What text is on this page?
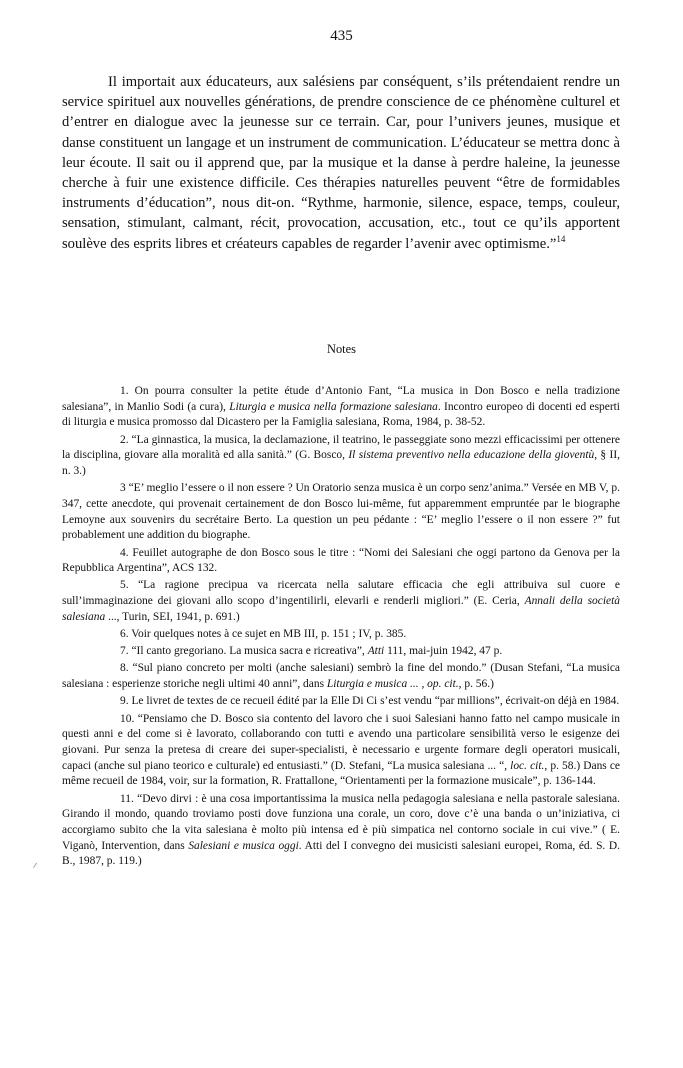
435

Il importait aux éducateurs, aux salésiens par conséquent, s’ils prétendaient rendre un service spirituel aux nouvelles générations, de prendre conscience de ce phénomène culturel et d’entrer en dialogue avec la jeunesse sur ce terrain. Car, pour l’univers jeunes, musique et danse constituent un langage et un instrument de communication. L’éducateur se mettra donc à leur écoute. Il sait ou il apprend que, par la musique et la danse à perdre haleine, la jeunesse cherche à fuir une existence difficile. Ces thérapies naturelles peuvent “être de formidables instruments d’éducation”, nous dit-on. “Rythme, harmonie, silence, espace, temps, couleur, sensation, stimulant, calmant, récit, provocation, accusation, etc., tout ce qu’ils apportent soulève des esprits libres et créateurs capables de regarder l’avenir avec optimisme.”$^{14}$

Notes

1. On pourra consulter la petite étude d’Antonio Fant, “La musica in Don Bosco e nella tradizione salesiana”, in Manlio Sodi (a cura), Liturgia e musica nella formazione salesiana. Incontro europeo di docenti ed esperti di liturgia e musica promosso dal Dicastero per la Famiglia salesiana, Roma, 1984, p. 38-52.

2. “La ginnastica, la musica, la declamazione, il teatrino, le passeggiate sono mezzi efficacissimi per ottenere la disciplina, giovare alla moralità ed alla sanità.” (G. Bosco, Il sistema preventivo nella educazione della gioventù, § II, n. 3.)

3 “E’ meglio l’essere o il non essere ? Un Oratorio senza musica è un corpo senz’anima.” Versée en MB V, p. 347, cette anecdote, qui provenait certainement de don Bosco lui-même, fut apparemment empruntée par le biographe Lemoyne aux souvenirs du secrétaire Berto. La question un peu pédante : “E’ meglio l’essere o il non essere ?” fut probablement une addition du biographe.

4. Feuillet autographe de don Bosco sous le titre : “Nomi dei Salesiani che oggi partono da Genova per la Repubblica Argentina”, ACS 132.

5. “La ragione precipua va ricercata nella salutare efficacia che egli attribuiva sul cuore e sull’immaginazione dei giovani allo scopo d’ingentilirli, elevarli e renderli migliori.” (E. Ceria, Annali della società salesiana ..., Turin, SEI, 1941, p. 691.)

6. Voir quelques notes à ce sujet en MB III, p. 151 ; IV, p. 385.

7. “Il canto gregoriano. La musica sacra e ricreativa”, Atti 111, mai-juin 1942, 47 p.

8. “Sul piano concreto per molti (anche salesiani) sembrò la fine del mondo.” (Dusan Stefani, “La musica salesiana : esperienze storiche negli ultimi 40 anni”, dans Liturgia e musica ... , op. cit., p. 56.)

9. Le livret de textes de ce recueil édité par la Elle Di Ci s’est vendu “par millions”, écrivait-on déjà en 1984.

10. “Pensiamo che D. Bosco sia contento del lavoro che i suoi Salesiani hanno fatto nel campo musicale in questi anni e del come si è lavorato, collaborando con tutti e avendo una particolare sensibilità verso le esigenze dei giovani. Pur senza la pretesa di creare dei super-specialisti, è necessario e urgente formare degli operatori musicali, capaci (anche sul piano teorico e culturale) ed entusiasti.” (D. Stefani, “La musica salesiana ... “, loc. cit., p. 58.) Dans ce même recueil de 1984, voir, sur la formation, R. Frattallone, “Orientamenti per la formazione musicale”, p. 136-144.

11. “Devo dirvi : è una cosa importantissima la musica nella pedagogia salesiana e nella pastorale salesiana. Girando il mondo, quando troviamo posti dove funziona una corale, un coro, dove c’è una banda o un’iniziativa, ci accorgiamo subito che la vita salesiana è molto più intensa ed è più simpatica nel contorno sociale in cui vive.” ( E. Viganò, Intervention, dans Salesiani e musica oggi. Atti del I convegno dei musicisti salesiani europei, Roma, éd. S. D. B., 1987, p. 119.)
